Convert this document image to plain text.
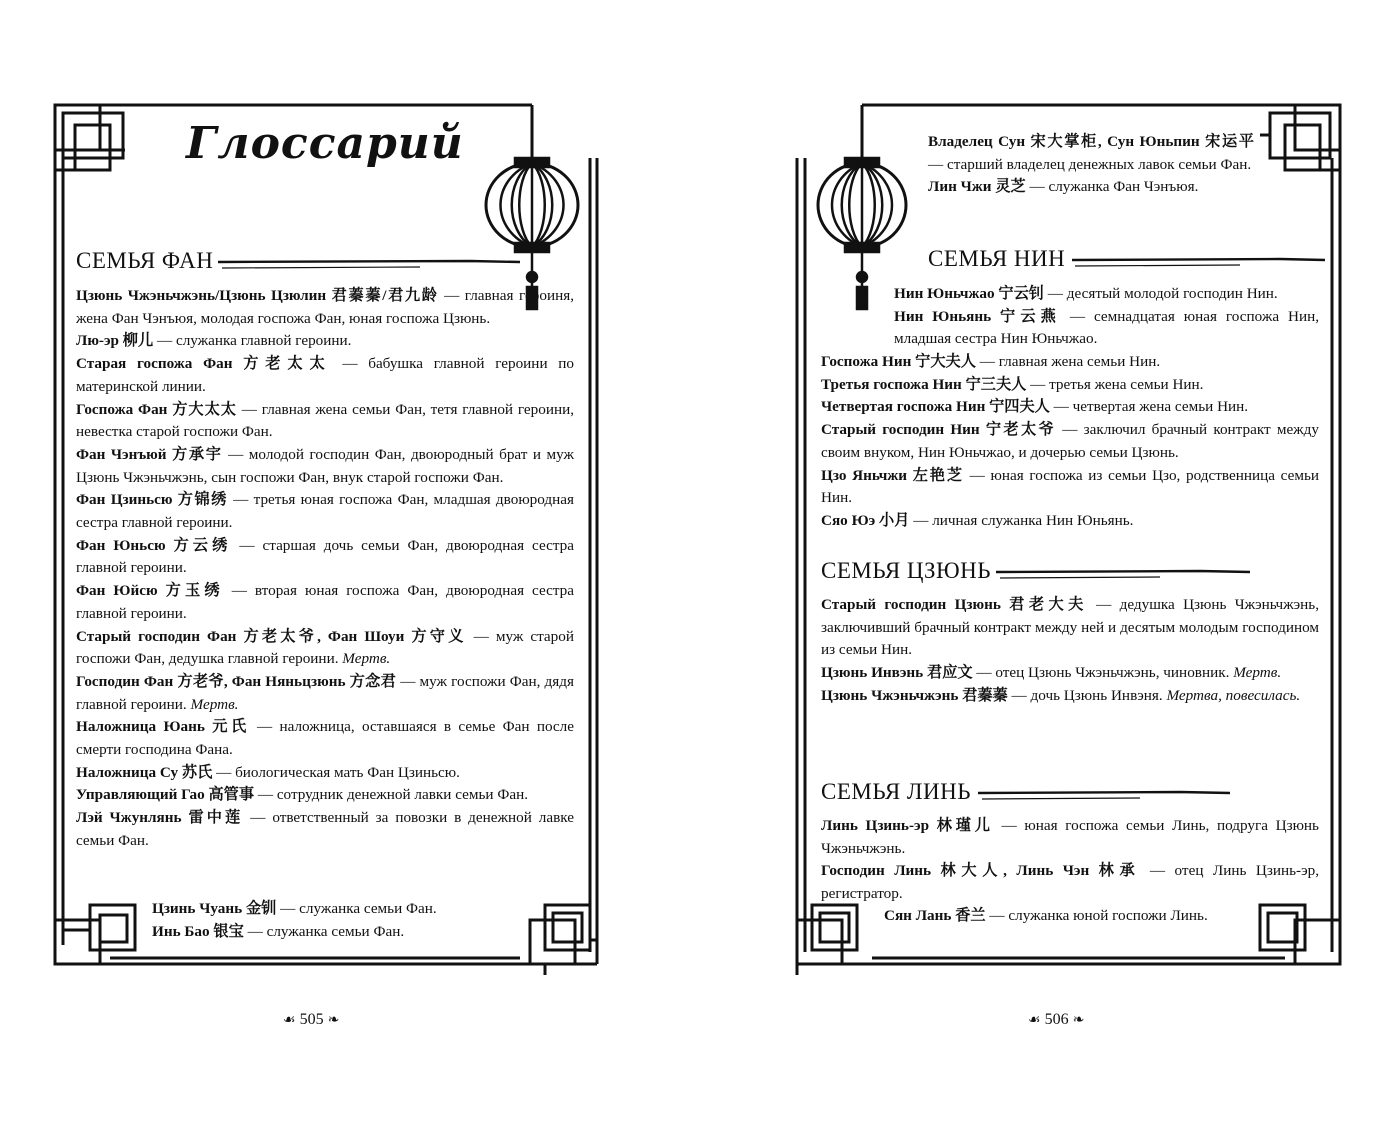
Глоссарий
СЕМЬЯ ФАН

Цзюнь Чжэньчжэнь/Цзюнь Цзюлин 君蓁蓁/君九龄 — главная героиня, жена Фан Чэнъюя, молодая госпожа Фан, юная госпожа Цзюнь.

Лю-эр 柳儿 — служанка главной героини.

Старая госпожа Фан 方老太太 — бабушка главной героини по материнской линии.

Госпожа Фан 方大太太 — главная жена семьи Фан, тетя главной героини, невестка старой госпожи Фан.

Фан Чэнъюй 方承宇 — молодой господин Фан, двоюродный брат и муж Цзюнь Чжэньчжэнь, сын госпожи Фан, внук старой госпожи Фан.

Фан Цзиньсю 方锦绣 — третья юная госпожа Фан, младшая двоюродная сестра главной героини.

Фан Юньсю 方云绣 — старшая дочь семьи Фан, двоюродная сестра главной героини.

Фан Юйсю 方玉绣 — вторая юная госпожа Фан, двоюродная сестра главной героини.

Старый господин Фан 方老太爷, Фан Шоуи 方守义 — муж старой госпожи Фан, дедушка главной героини. Мертв.

Господин Фан 方老爷, Фан Няньцзюнь 方念君 — муж госпожи Фан, дядя главной героини. Мертв.

Наложница Юань 元氏 — наложница, оставшаяся в семье Фан после смерти господина Фана.

Наложница Су 苏氏 — биологическая мать Фан Цзиньсю.

Управляющий Гао 高管事 — сотрудник денежной лавки семьи Фан.

Лэй Чжунлянь 雷中莲 — ответственный за повозки в денежной лавке семьи Фан.

Цзинь Чуань 金钏 — служанка семьи Фан.

Инь Бао 银宝 — служанка семьи Фан.

☙ 505 ❧

Владелец Сун 宋大掌柜, Сун Юньпин 宋运平 — старший владелец денежных лавок семьи Фан.

Лин Чжи 灵芝 — служанка Фан Чэнъюя.

СЕМЬЯ НИН

Нин Юньчжао 宁云钊 — десятый молодой господин Нин.

Нин Юньянь 宁云燕 — семнадцатая юная госпожа Нин, младшая сестра Нин Юньчжао.

Госпожа Нин 宁大夫人 — главная жена семьи Нин.

Третья госпожа Нин 宁三夫人 — третья жена семьи Нин.

Четвертая госпожа Нин 宁四夫人 — четвертая жена семьи Нин.

Старый господин Нин 宁老太爷 — заключил брачный контракт между своим внуком, Нин Юньчжао, и дочерью семьи Цзюнь.

Цзо Яньчжи 左艳芝 — юная госпожа из семьи Цзо, родственница семьи Нин.

Сяо Юэ 小月 — личная служанка Нин Юньянь.

СЕМЬЯ ЦЗЮНЬ

Старый господин Цзюнь 君老大夫 — дедушка Цзюнь Чжэньчжэнь, заключивший брачный контракт между ней и десятым молодым господином из семьи Нин.

Цзюнь Инвэнь 君应文 — отец Цзюнь Чжэньчжэнь, чиновник. Мертв.

Цзюнь Чжэньчжэнь 君蓁蓁 — дочь Цзюнь Инвэня. Мертва, повесилась.

СЕМЬЯ ЛИНЬ

Линь Цзинь-эр 林瑾儿 — юная госпожа семьи Линь, подруга Цзюнь Чжэньчжэнь.

Господин Линь 林大人, Линь Чэн 林承 — отец Линь Цзинь-эр, регистратор.

Сян Лань 香兰 — служанка юной госпожи Линь.

☙ 506 ❧
